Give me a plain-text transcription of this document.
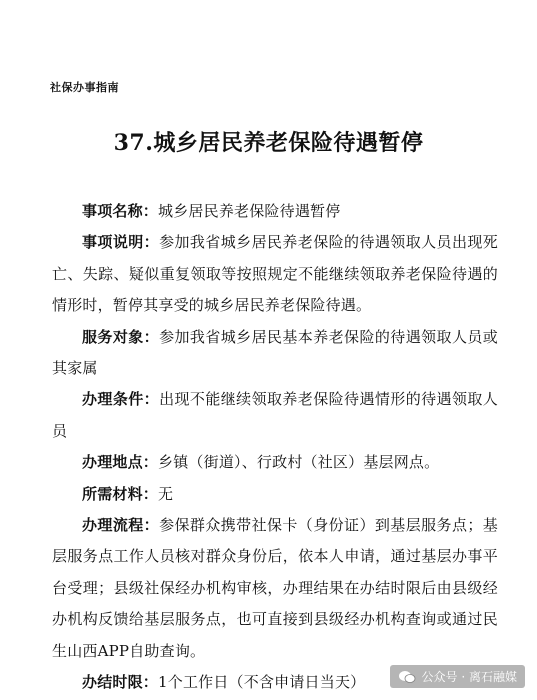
社保办事指南
37.城乡居民养老保险待遇暂停

事项名称：城乡居民养老保险待遇暂停

事项说明：参加我省城乡居民养老保险的待遇领取人员出现死亡、失踪、疑似重复领取等按照规定不能继续领取养老保险待遇的情形时，暂停其享受的城乡居民养老保险待遇。

服务对象：参加我省城乡居民基本养老保险的待遇领取人员或其家属

办理条件：出现不能继续领取养老保险待遇情形的待遇领取人员

办理地点：乡镇（街道）、行政村（社区）基层网点。

所需材料：无

办理流程：参保群众携带社保卡（身份证）到基层服务点；基层服务点工作人员核对群众身份后，依本人申请，通过基层办事平台受理；县级社保经办机构审核，办理结果在办结时限后由县级经办机构反馈给基层服务点，也可直接到县级经办机构查询或通过民生山西APP自助查询。

办结时限：1个工作日（不含申请日当天）	公众号 · 离石融媒
